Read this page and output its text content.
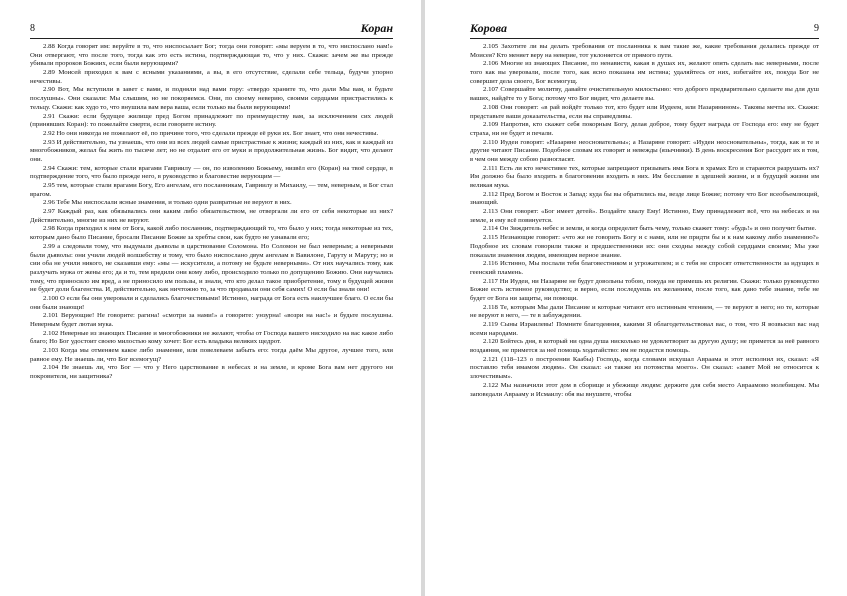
8	Коран

2.88 Когда говорят им: веруйте в то, что ниспосылает Бог; тогда они говорят: «мы веруем в то, что ниспослано нам!» Они отвергают, что после того, тогда как это есть истина, подтверждающая то, что у них. Скажи: зачем же вы прежде убивали пророков Божиих, если были верующими?

2.89 Моисей приходил к вам с ясными указаниями, а вы, в его отсутствие, сделали себе тельца, будучи упорно нечестивы.

2.90 Вот, Мы вступили в завет с вами, и подняли над вами гору: «твердо храните то, что дали Мы вам, и будьте послушны». Они сказали: Мы слышим, но не покоряемся. Они, по своему неверию, своими сердцами пристрастились к тельцу. Скажи: как худо то, что внушила вам вера ваша, если только вы были верующими!

2.91 Скажи: если будущее жилище пред Богом принадлежит по преимуществу вам, за исключением сих людей (принявших Коран): то пожелайте смерти, если говорите истину.

2.92 Но они никогда не пожелают её, по причине того, что сделали прежде её руки их. Бог знает, что они нечестивы.

2.93 И действительно, ты узнаешь, что они из всех людей самые пристрастные к жизни; каждый из них, как и каждый из многобожников, желал бы жить по тысяче лет; но не отдалит его от муки и продолжительная жизнь. Бог видит, что делают они.

2.94 Скажи: тем, которые стали врагами Гавриилу — он, по изволению Божьему, низвёл его (Коран) на твоё сердце, в подтверждение того, что было прежде него, в руководство и благовестие верующим —

2.95 тем, которые стали врагами Богу, Его ангелам, его посланникам, Гавриилу и Михаилу, — тем, неверным, и Бог стал врагом.

2.96 Тебе Мы ниспослали ясные знамения, и только одни развратные не веруют в них.

2.97 Каждый раз, как обязывались они каким либо обязательством, не отвергали ли его от себя некоторые из них? Действительно, многие из них не веруют.

2.98 Когда приходил к ним от Бога, какой либо посланник, подтверждающий то, что было у них; тогда некоторые из тех, которым дано было Писание, бросали Писание Божие за хребты свои, как будто не узнавали его;

2.99 а следовали тому, что выдумали дьяволы в царствование Соломона. Но Соломон не был неверным; а неверными были дьяволы: они учили людей волшебству и тому, что было ниспослано двум ангелам в Вавилоне, Гаруту и Маруту; но и сии оба не учили никого, не сказавши ему: «мы — искусители, а потому не будьте неверными». От них научались тому, как разлучать мужа от жены его; да и то, тем вредили они кому либо, происходило только по допущению Божию. Они научались тому, что приносило им вред, а не приносило им пользы, и знали, что кто делал такое приобретение, тому в будущей жизни не будет доли благенства. И, действительно, как ничтожно то, за что продавали они себя самих! О если бы знали они!

2.100 О если бы они уверовали и сделались благочестивыми! Истинно, награда от Бога есть наилучшее благо. О если бы они были знающи!

2.101 Верующие! Не говорите: рагина! «смотри за нами!» а говорите: унзурна! «возри на нас!» и будьте послушны. Неверным будет лютая мука.

2.102 Неверные из знающих Писание и многобожники не желают, чтобы от Господа вашего нисходило на вас какое либо благо; Но Бог удостоит своею милостью кому хочет: Бог есть владыка великих щедрот.

2.103 Когда мы отменяем какое либо знамение, или повелеваем забыть его: тогда даём Мы другое, лучшее того, или равное ему. Не знаешь ли, что Бог всемогущ?

2.104 Не знаешь ли, что Бог — что у Него царствование в небесах и на земле, и кроме Бога вам нет другого ни покровителя, ни защитника?

Корова	9

2.105 Захотите ли вы делать требования от посланника к вам такие же, какие требования делались прежде от Моисея? Кто меняет веру на неверие, тот уклоняется от прямого пути.

2.106 Многие из знающих Писание, по ненависти, какая в душах их, желают опять сделать вас неверными, после того как вы уверовали, после того, как ясно показана им истина; удаляйтесь от них, избегайте их, покуда Бог не совершит дела своего, Бог всемогущ.

2.107 Совершайте молитву, давайте очистительную милостыню: что доброго предварительно сделаете вы для душ ваших, найдёте то у Бога; потому что Бог видит, что делаете вы.

2.108 Они говорят: «в рай войдёт только тот, кто будет или Иудеем, или Назарянином». Таковы мечты их. Скажи: представьте ваши доказательства, если вы справедливы.

2.109 Напротив, кто скажет себя покорным Богу, делая доброе, тому будет награда от Господа его: ему не будет страха, ни не будет и печали.

2.110 Иудеи говорят: «Назаряне неосновательны»; а Назаряне говорят: «Иудеи неосновательны», тогда, как и те и другие читают Писание. Подобное словам их говорят и невежды (язычники). В день воскресения Бог рассудит их в том, в чем они между собою разногласят.

2.111 Есть ли кто нечестивее тех, которые запрещают призывать имя Бога в храмах Его и стараются разрушать их? Им должно бы было входить в благоговении входить в них. Им бесславие в здешней жизни, и в будущей жизни им великая мука.

2.112 Пред Богом и Восток и Запад: куда бы вы обратились вы, везде лице Божие; потому что Бог всеобъемлющий, знающий.

2.113 Они говорят: «Бог имеет детей». Воздайте хвалу Ему! Истинно, Ему принадлежит всё, что на небесах и на земле, и ему всё повинуется.

2.114 Он Зиждитель небес и земли, и когда определит быть чему, только скажет тому: «будь!» и оно получит бытие.

2.115 Незнающие говорят: «что же не говорить Богу и с нами, или не придти бы и к нам какому либо знамению?» Подобное их словам говорили также и предшественники их: они сходны между собой сердцами своими; Мы уже показали знамения людям, имеющим верное знание.

2.116 Истинно, Мы послали тебя благовестником и угрожателем; и с тебя не спросят ответственности за идущих в геенский пламень.

2.117 Ни Иудеи, ни Назаряне не будут довольны тобою, покуда не примешь их религии. Скажи: только руководство Божие есть истинное руководство; и верно, если последуешь их желаниям, после того, как дано тебе знание, тебе не будет от Бога ни защиты, ни помощи.

2.118 Те, которым Мы дали Писание и которые читают его истинным чтением, — те веруют в него; но те, которые не веруют в него, — те в заблуждении.

2.119 Сыны Израилевы! Помните благодеяния, какими Я облагодетельствовал вас, о том, что Я возвысил вас над всеми народами.

2.120 Бойтесь дня, в который ни одна душа нисколько не удовлетворит за другую душу; не примется за неё равного воздаяния, не примется за неё помощь ходатайство: им не подастся помощь.

2.121 (118–123 о построении Каабы) Господь, когда словами искушал Авраама и этот исполнил их, сказал: «Я поставлю тебя имамом людям». Он сказал: «и также из потомства моего». Он сказал: «завет Мой не относится к злочестивым».

2.122 Мы назначили этот дом в сборище и убежище людям: держите для себя место Авраамово молебищем. Мы заповедали Аврааму и Исмаилу: обя вы внушите, чтобы
